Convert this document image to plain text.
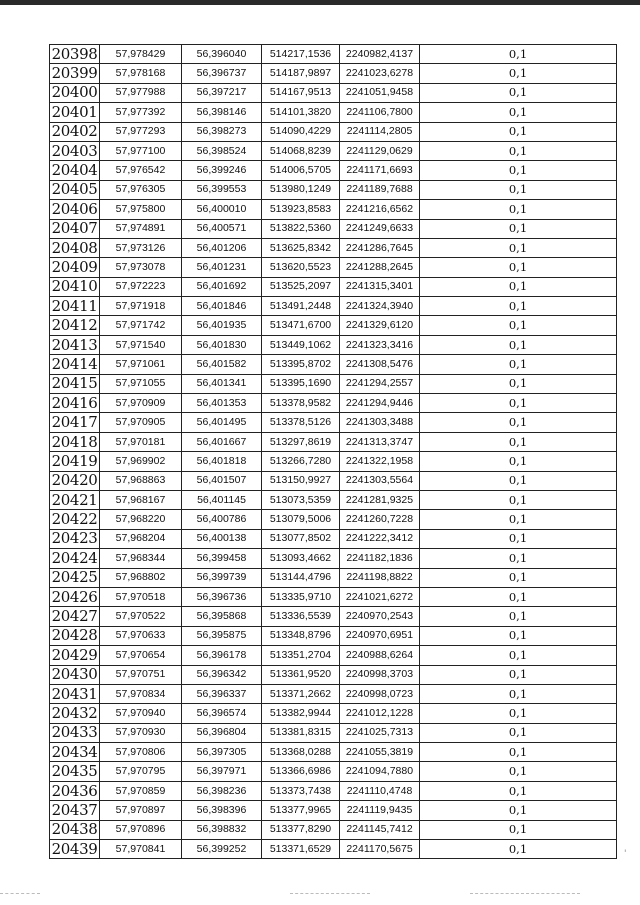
20398	57,978429	56,396040	514217,1536	2240982,4137	0,1
20399	57,978168	56,396737	514187,9897	2241023,6278	0,1
20400	57,977988	56,397217	514167,9513	2241051,9458	0,1
20401	57,977392	56,398146	514101,3820	2241106,7800	0,1
20402	57,977293	56,398273	514090,4229	2241114,2805	0,1
20403	57,977100	56,398524	514068,8239	2241129,0629	0,1
20404	57,976542	56,399246	514006,5705	2241171,6693	0,1
20405	57,976305	56,399553	513980,1249	2241189,7688	0,1
20406	57,975800	56,400010	513923,8583	2241216,6562	0,1
20407	57,974891	56,400571	513822,5360	2241249,6633	0,1
20408	57,973126	56,401206	513625,8342	2241286,7645	0,1
20409	57,973078	56,401231	513620,5523	2241288,2645	0,1
20410	57,972223	56,401692	513525,2097	2241315,3401	0,1
20411	57,971918	56,401846	513491,2448	2241324,3940	0,1
20412	57,971742	56,401935	513471,6700	2241329,6120	0,1
20413	57,971540	56,401830	513449,1062	2241323,3416	0,1
20414	57,971061	56,401582	513395,8702	2241308,5476	0,1
20415	57,971055	56,401341	513395,1690	2241294,2557	0,1
20416	57,970909	56,401353	513378,9582	2241294,9446	0,1
20417	57,970905	56,401495	513378,5126	2241303,3488	0,1
20418	57,970181	56,401667	513297,8619	2241313,3747	0,1
20419	57,969902	56,401818	513266,7280	2241322,1958	0,1
20420	57,968863	56,401507	513150,9927	2241303,5564	0,1
20421	57,968167	56,401145	513073,5359	2241281,9325	0,1
20422	57,968220	56,400786	513079,5006	2241260,7228	0,1
20423	57,968204	56,400138	513077,8502	2241222,3412	0,1
20424	57,968344	56,399458	513093,4662	2241182,1836	0,1
20425	57,968802	56,399739	513144,4796	2241198,8822	0,1
20426	57,970518	56,396736	513335,9710	2241021,6272	0,1
20427	57,970522	56,395868	513336,5539	2240970,2543	0,1
20428	57,970633	56,395875	513348,8796	2240970,6951	0,1
20429	57,970654	56,396178	513351,2704	2240988,6264	0,1
20430	57,970751	56,396342	513361,9520	2240998,3703	0,1
20431	57,970834	56,396337	513371,2662	2240998,0723	0,1
20432	57,970940	56,396574	513382,9944	2241012,1228	0,1
20433	57,970930	56,396804	513381,8315	2241025,7313	0,1
20434	57,970806	56,397305	513368,0288	2241055,3819	0,1
20435	57,970795	56,397971	513366,6986	2241094,7880	0,1
20436	57,970859	56,398236	513373,7438	2241110,4748	0,1
20437	57,970897	56,398396	513377,9965	2241119,9435	0,1
20438	57,970896	56,398832	513377,8290	2241145,7412	0,1
20439	57,970841	56,399252	513371,6529	2241170,5675	0,1	'
